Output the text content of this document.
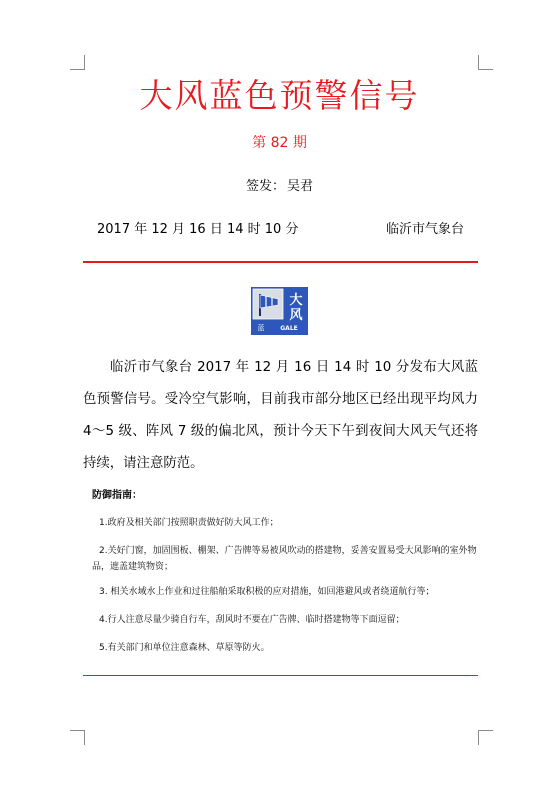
大风蓝色预警信号
第 82 期
签发： 吴君
2017 年 12 月 16 日 14 时 10 分	临沂市气象台
大
风
蓝	GALE
临沂市气象台 2017 年 12 月 16 日 14 时 10 分发布大风蓝色预警信号。受冷空气影响，目前我市部分地区已经出现平均风力 4～5 级、阵风 7 级的偏北风，预计今天下午到夜间大风天气还将持续，请注意防范。
防御指南：
1.政府及相关部门按照职责做好防大风工作；
2.关好门窗，加固围板、棚架、广告牌等易被风吹动的搭建物，妥善安置易受大风影响的室外物品，遮盖建筑物资；
3. 相关水域水上作业和过往船舶采取积极的应对措施，如回港避风或者绕道航行等；
4.行人注意尽量少骑自行车，刮风时不要在广告牌、临时搭建物等下面逗留；
5.有关部门和单位注意森林、草原等防火。
